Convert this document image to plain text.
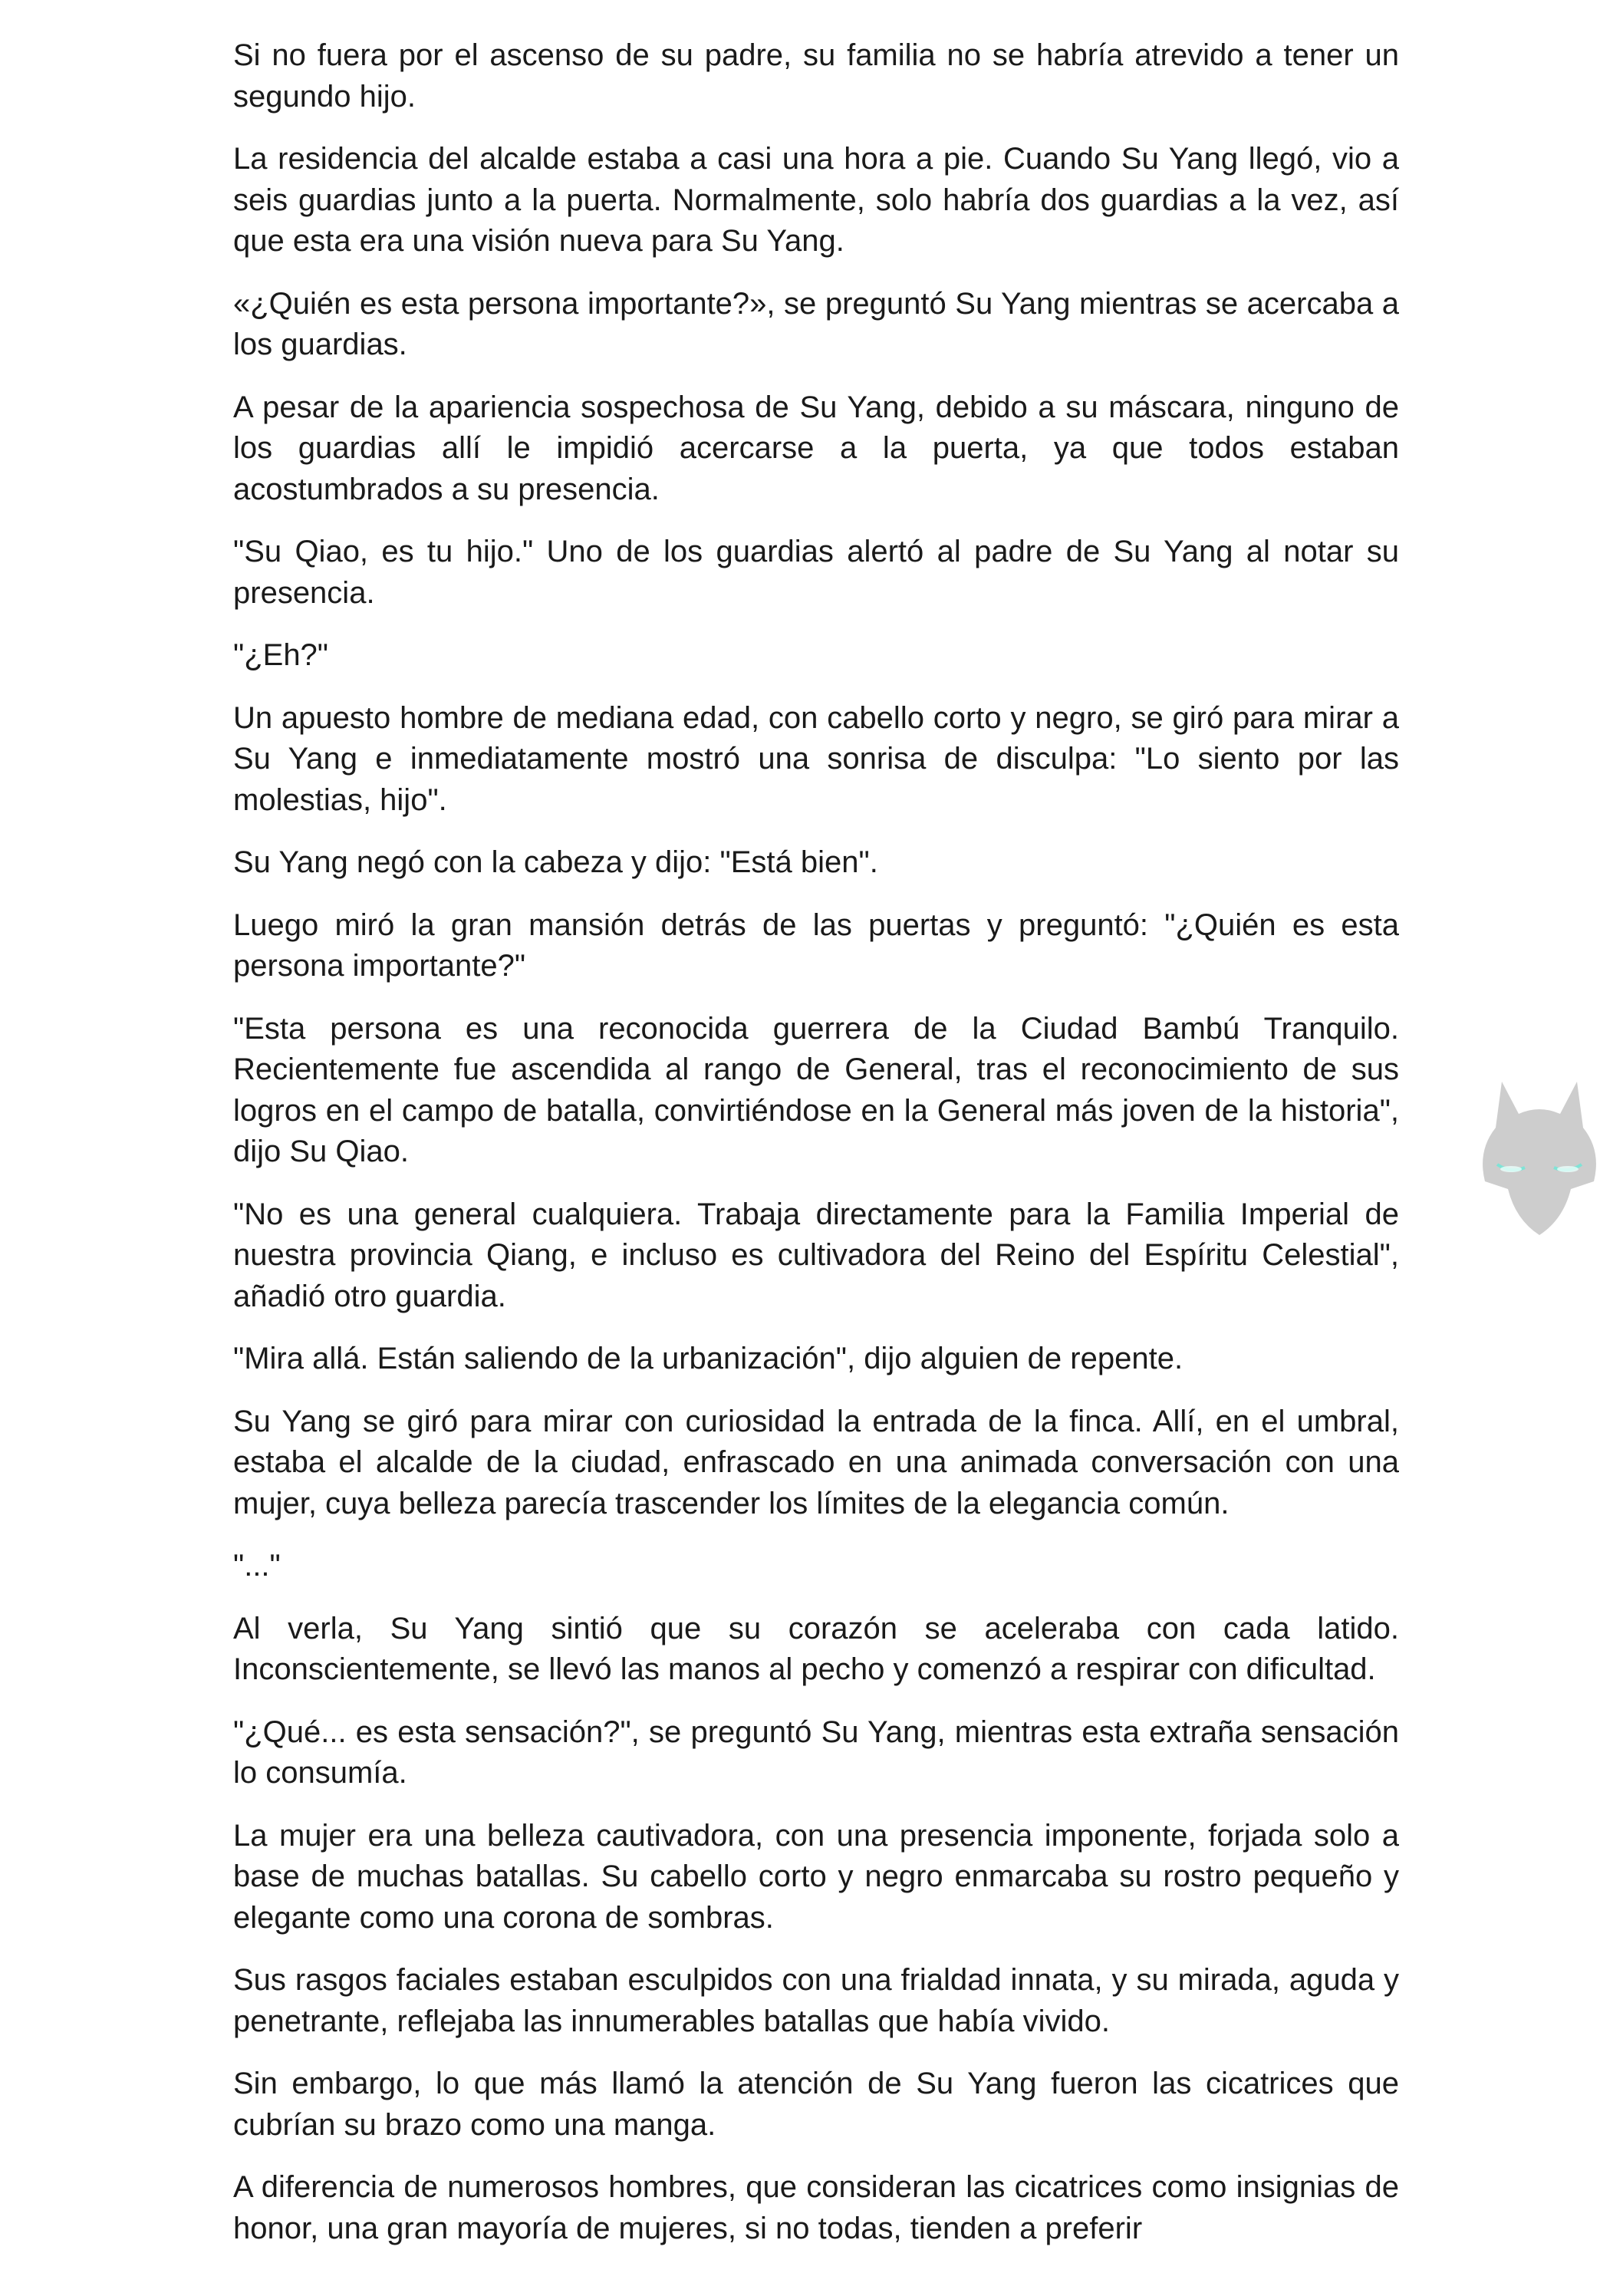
Si no fuera por el ascenso de su padre, su familia no se habría atrevido a tener un segundo hijo.

La residencia del alcalde estaba a casi una hora a pie. Cuando Su Yang llegó, vio a seis guardias junto a la puerta. Normalmente, solo habría dos guardias a la vez, así que esta era una visión nueva para Su Yang.

«¿Quién es esta persona importante?», se preguntó Su Yang mientras se acercaba a los guardias.

A pesar de la apariencia sospechosa de Su Yang, debido a su máscara, ninguno de los guardias allí le impidió acercarse a la puerta, ya que todos estaban acostumbrados a su presencia.

"Su Qiao, es tu hijo." Uno de los guardias alertó al padre de Su Yang al notar su presencia.

"¿Eh?"

Un apuesto hombre de mediana edad, con cabello corto y negro, se giró para mirar a Su Yang e inmediatamente mostró una sonrisa de disculpa: "Lo siento por las molestias, hijo".

Su Yang negó con la cabeza y dijo: "Está bien".

Luego miró la gran mansión detrás de las puertas y preguntó: "¿Quién es esta persona importante?"

"Esta persona es una reconocida guerrera de la Ciudad Bambú Tranquilo. Recientemente fue ascendida al rango de General, tras el reconocimiento de sus logros en el campo de batalla, convirtiéndose en la General más joven de la historia", dijo Su Qiao.

"No es una general cualquiera. Trabaja directamente para la Familia Imperial de nuestra provincia Qiang, e incluso es cultivadora del Reino del Espíritu Celestial", añadió otro guardia.

"Mira allá. Están saliendo de la urbanización", dijo alguien de repente.

Su Yang se giró para mirar con curiosidad la entrada de la finca. Allí, en el umbral, estaba el alcalde de la ciudad, enfrascado en una animada conversación con una mujer, cuya belleza parecía trascender los límites de la elegancia común.

"..."

Al verla, Su Yang sintió que su corazón se aceleraba con cada latido. Inconscientemente, se llevó las manos al pecho y comenzó a respirar con dificultad.

"¿Qué... es esta sensación?", se preguntó Su Yang, mientras esta extraña sensación lo consumía.

La mujer era una belleza cautivadora, con una presencia imponente, forjada solo a base de muchas batallas. Su cabello corto y negro enmarcaba su rostro pequeño y elegante como una corona de sombras.

Sus rasgos faciales estaban esculpidos con una frialdad innata, y su mirada, aguda y penetrante, reflejaba las innumerables batallas que había vivido.

Sin embargo, lo que más llamó la atención de Su Yang fueron las cicatrices que cubrían su brazo como una manga.

A diferencia de numerosos hombres, que consideran las cicatrices como insignias de honor, una gran mayoría de mujeres, si no todas, tienden a preferir
